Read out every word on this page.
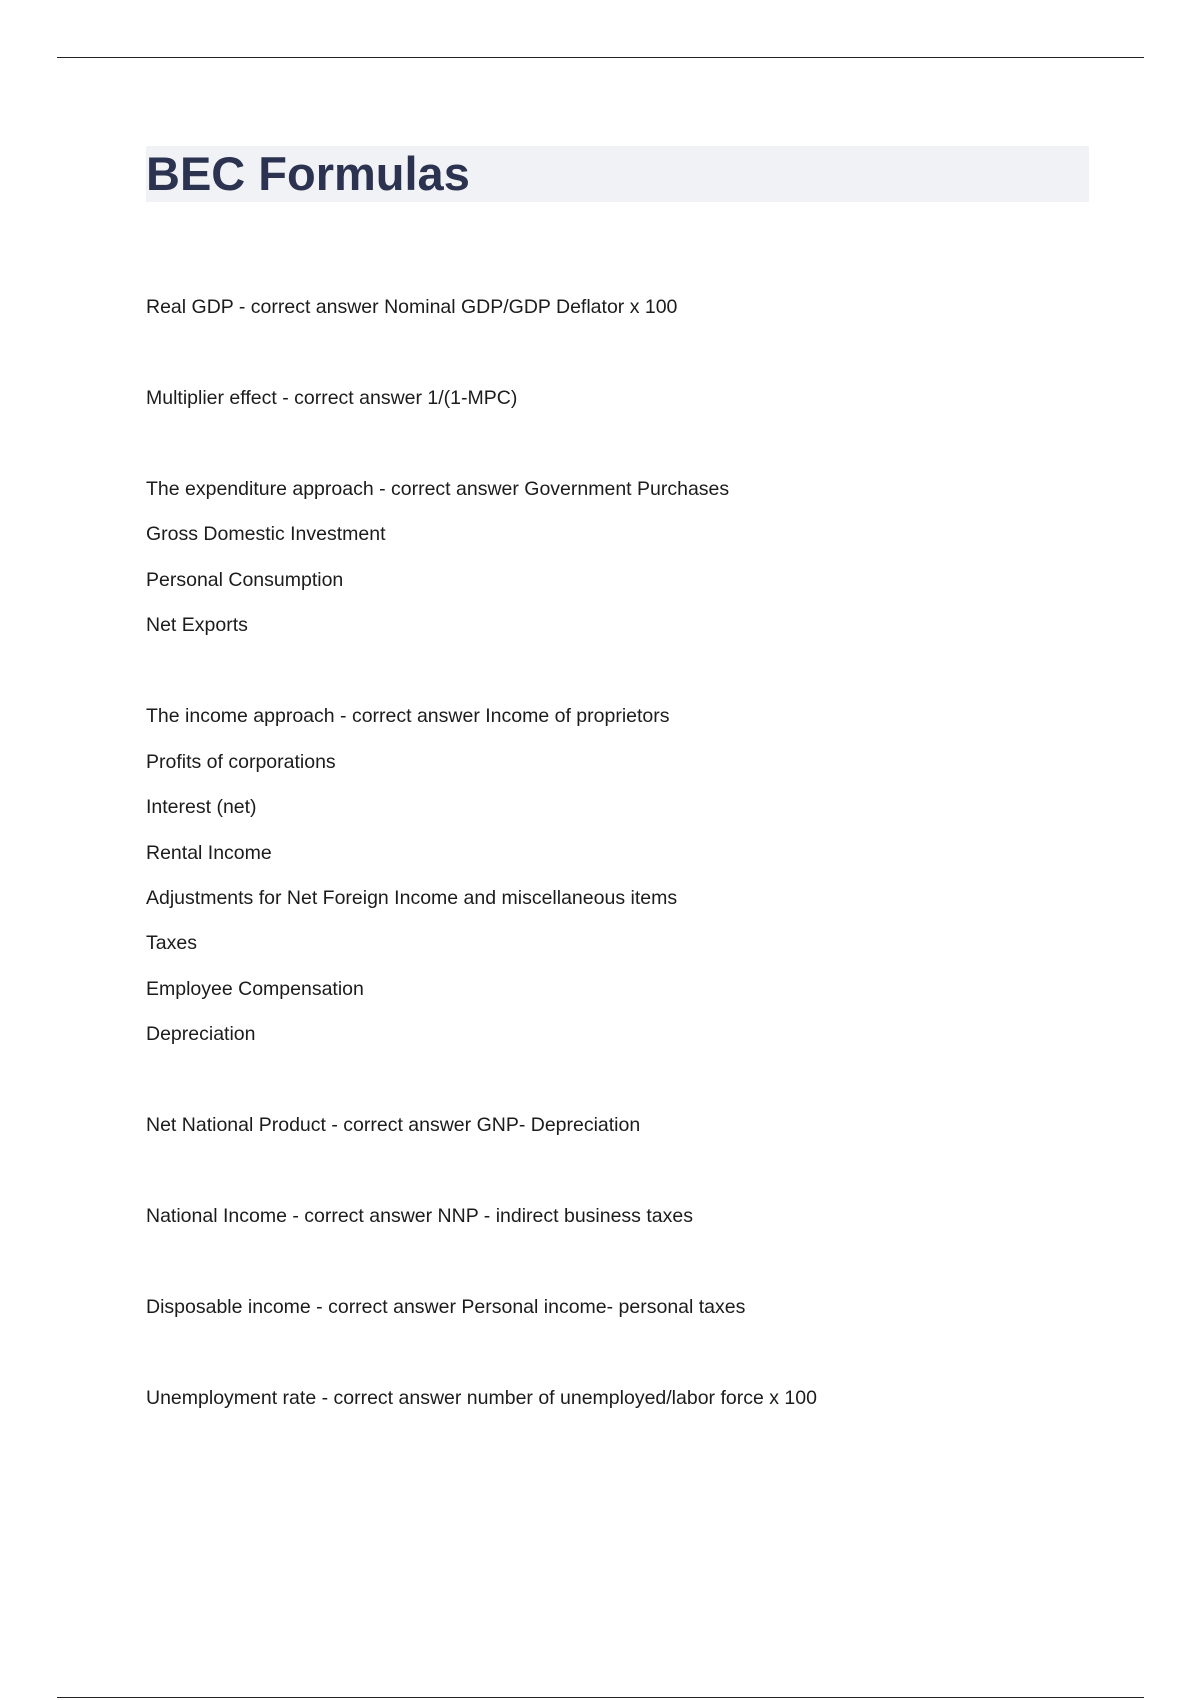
BEC Formulas

Real GDP - correct answer Nominal GDP/GDP Deflator x 100

Multiplier effect - correct answer 1/(1-MPC)

The expenditure approach - correct answer Government Purchases

Gross Domestic Investment

Personal Consumption

Net Exports

The income approach - correct answer Income of proprietors

Profits of corporations

Interest (net)

Rental Income

Adjustments for Net Foreign Income and miscellaneous items

Taxes

Employee Compensation

Depreciation

Net National Product - correct answer GNP- Depreciation

National Income - correct answer NNP - indirect business taxes

Disposable income - correct answer Personal income- personal taxes

Unemployment rate - correct answer number of unemployed/labor force x 100
